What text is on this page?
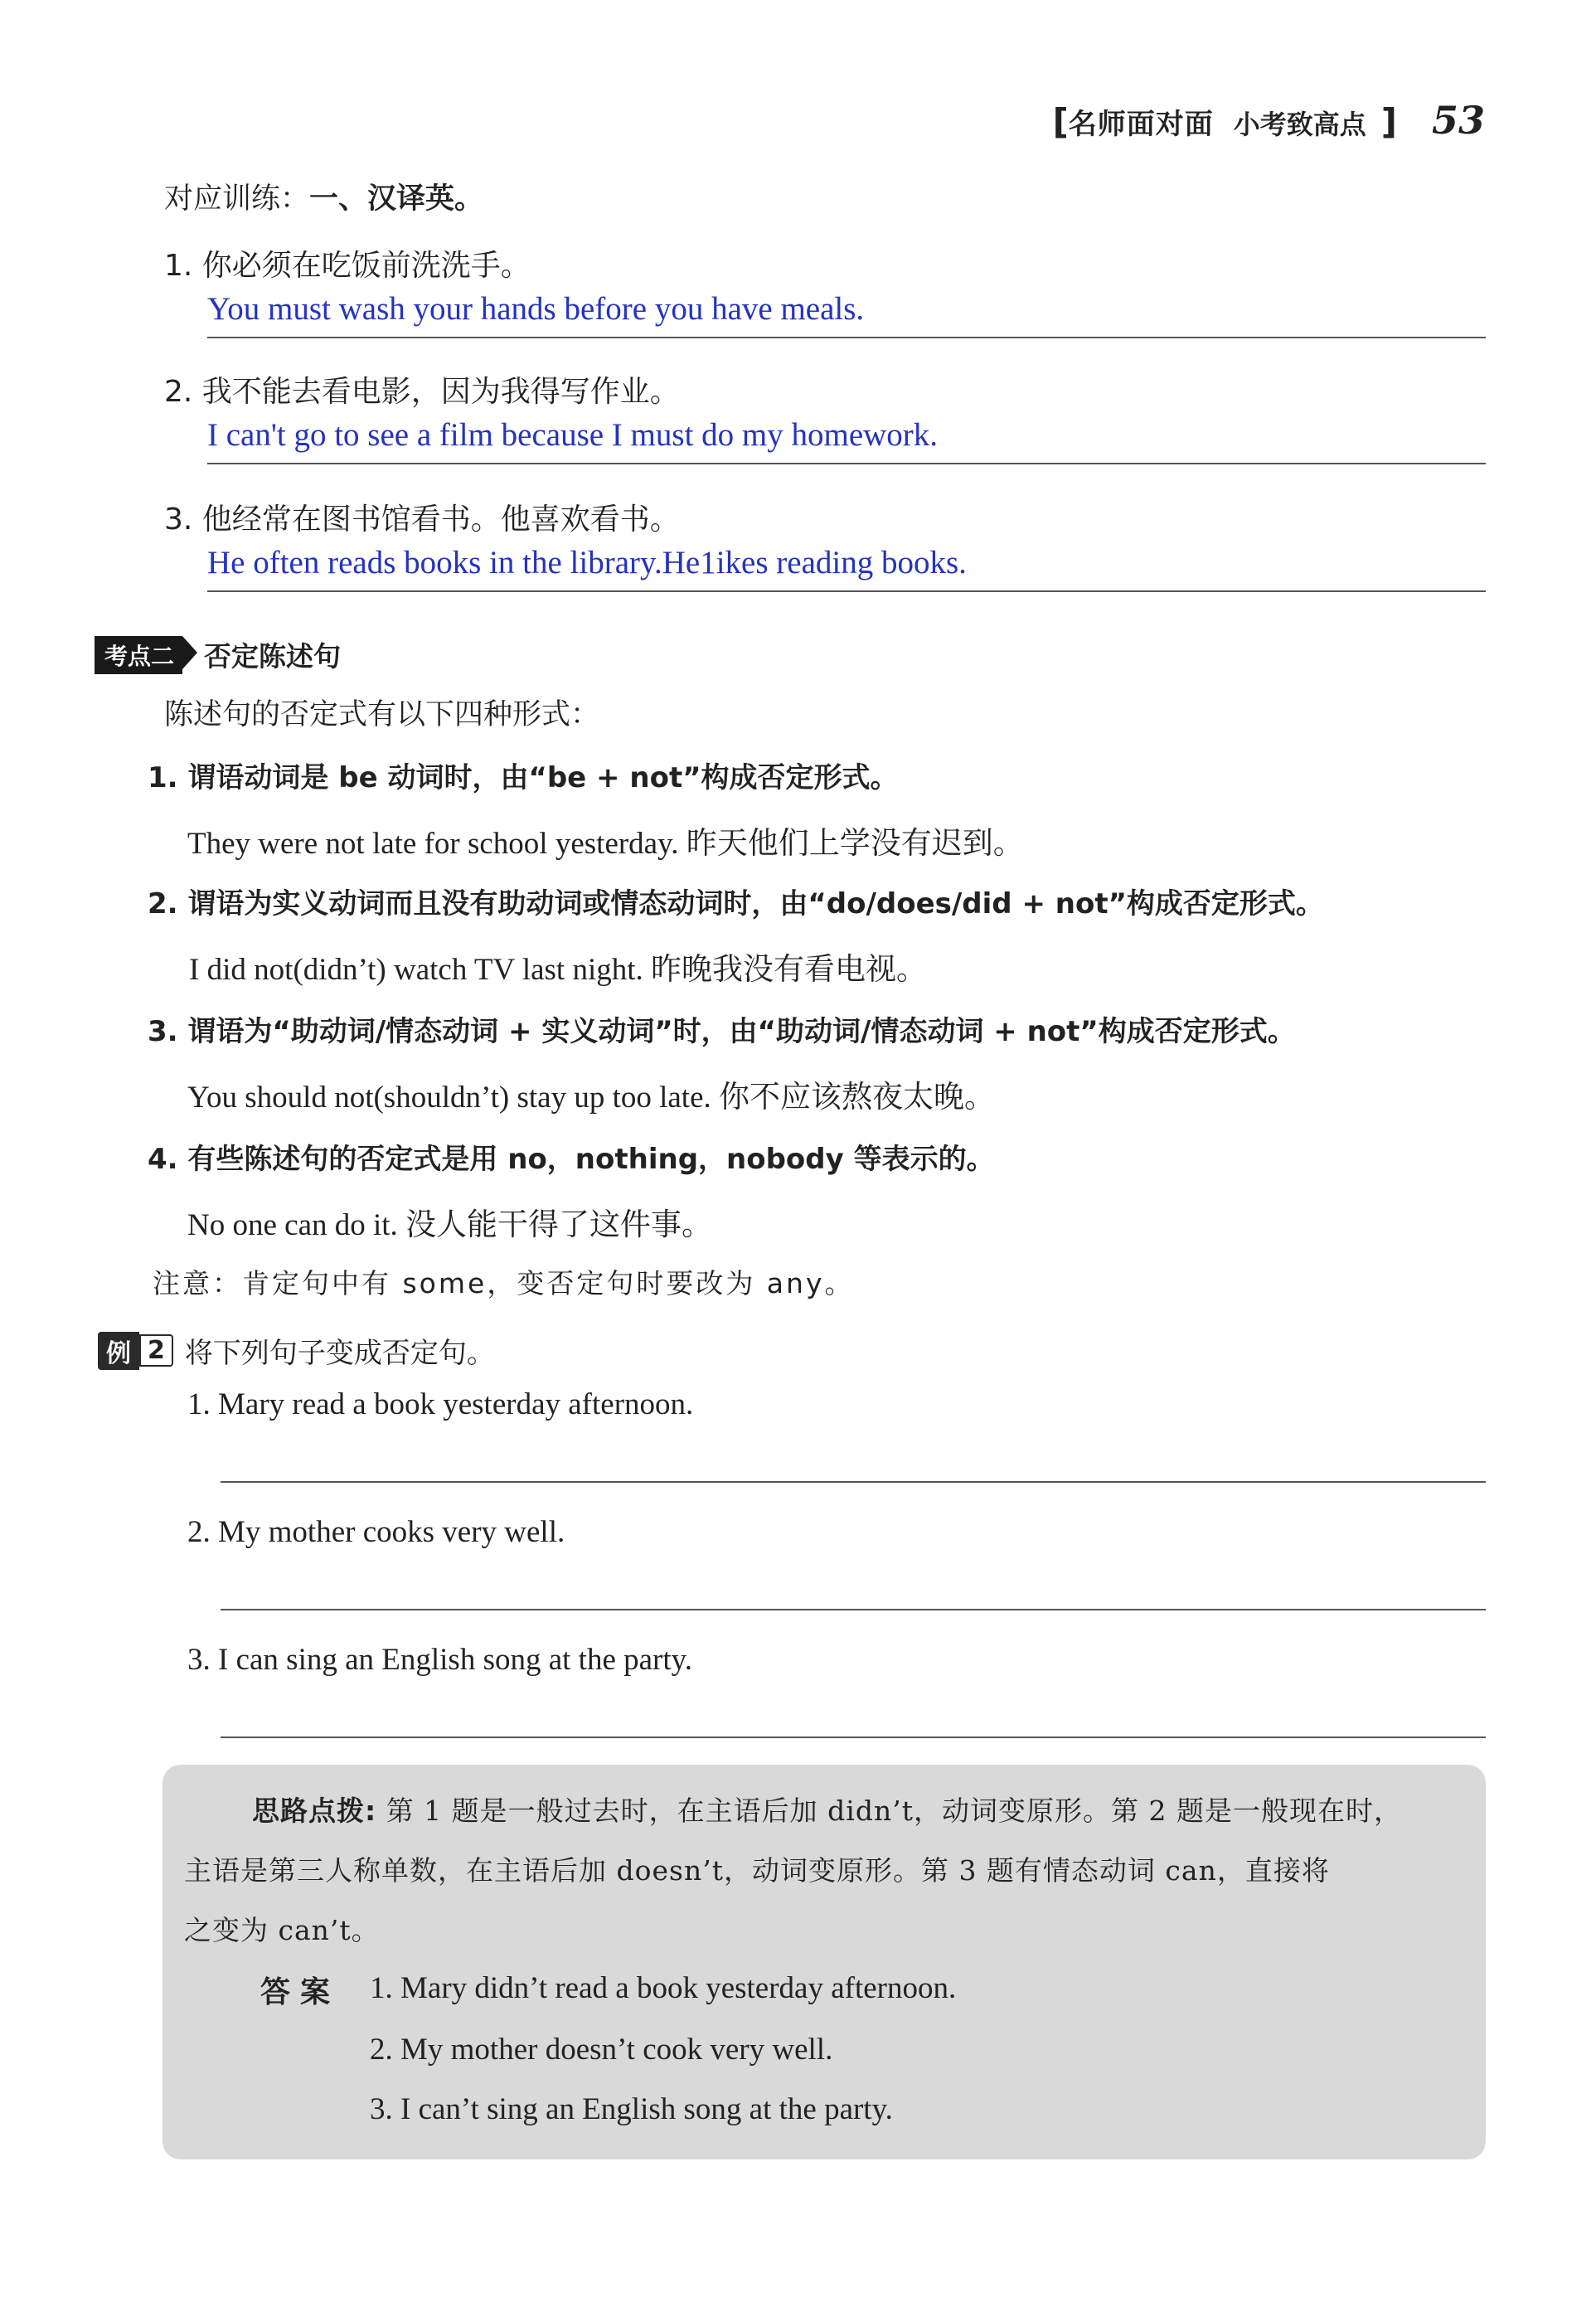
[ 名师面对面 小考致高点 ] 53
对应训练：一、汉译英。
1. 你必须在吃饭前洗洗手。
You must wash your hands before you have meals.
2. 我不能去看电影，因为我得写作业。
I can't go to see a film because I must do my homework.
3. 他经常在图书馆看书。他喜欢看书。
He often reads books in the library.He1ikes reading books.
考点二	否定陈述句
陈述句的否定式有以下四种形式：
1. 谓语动词是 be 动词时，由“be + not”构成否定形式。
They were not late for school yesterday. 昨天他们上学没有迟到。
2. 谓语为实义动词而且没有助动词或情态动词时，由“do/does/did + not”构成否定形式。
I did not(didn’t) watch TV last night. 昨晚我没有看电视。
3. 谓语为“助动词/情态动词 + 实义动词”时，由“助动词/情态动词 + not”构成否定形式。
You should not(shouldn’t) stay up too late. 你不应该熬夜太晚。
4. 有些陈述句的否定式是用 no，nothing，nobody 等表示的。
No one can do it. 没人能干得了这件事。
注意：肯定句中有 some，变否定句时要改为 any。
例 2 将下列句子变成否定句。
1. Mary read a book yesterday afternoon.
2. My mother cooks very well.
3. I can sing an English song at the party.
思路点拨: 第 1 题是一般过去时，在主语后加 didn’t，动词变原形。第 2 题是一般现在时，
主语是第三人称单数，在主语后加 doesn’t，动词变原形。第 3 题有情态动词 can，直接将
之变为 can’t。
答案 1. Mary didn’t read a book yesterday afternoon.
2. My mother doesn’t cook very well.
3. I can’t sing an English song at the party.
